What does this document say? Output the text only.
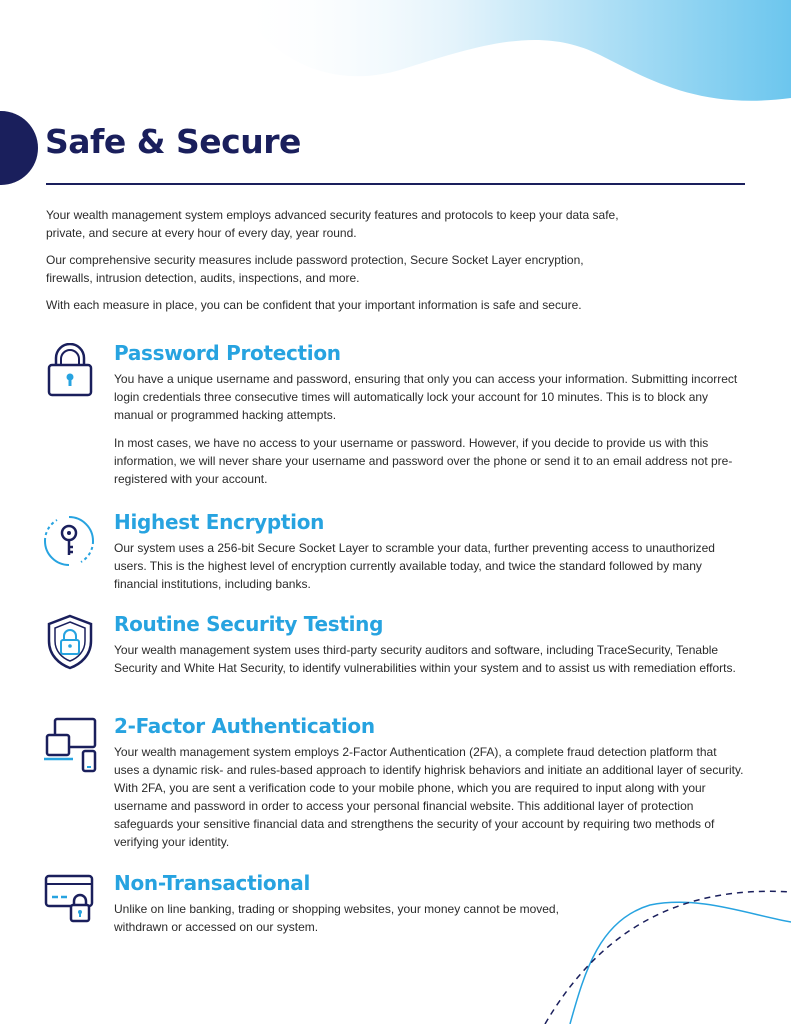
Safe & Secure

Your wealth management system employs advanced security features and protocols to keep your data safe, private, and secure at every hour of every day, year round.

Our comprehensive security measures include password protection, Secure Socket Layer encryption, firewalls, intrusion detection, audits, inspections, and more.

With each measure in place, you can be confident that your important information is safe and secure.

Password Protection

You have a unique username and password, ensuring that only you can access your information. Submitting incorrect login credentials three consecutive times will automatically lock your account for 10 minutes. This is to block any manual or programmed hacking attempts.

In most cases, we have no access to your username or password. However, if you decide to provide us with this information, we will never share your username and password over the phone or send it to an email address not pre-registered with your account.

Highest Encryption

Our system uses a 256-bit Secure Socket Layer to scramble your data, further preventing access to unauthorized users. This is the highest level of encryption currently available today, and twice the standard followed by many financial institutions, including banks.

Routine Security Testing

Your wealth management system uses third-party security auditors and software, including TraceSecurity, Tenable Security and White Hat Security, to identify vulnerabilities within your system and to assist us with remediation efforts.

2-Factor Authentication

Your wealth management system employs 2-Factor Authentication (2FA), a complete fraud detection platform that uses a dynamic risk- and rules-based approach to identify highrisk behaviors and initiate an additional layer of security. With 2FA, you are sent a verification code to your mobile phone, which you are required to input along with your username and password in order to access your personal financial website. This additional layer of protection safeguards your sensitive financial data and strengthens the security of your account by requiring two methods of verifying your identity.

Non-Transactional

Unlike on line banking, trading or shopping websites, your money cannot be moved, withdrawn or accessed on our system.
